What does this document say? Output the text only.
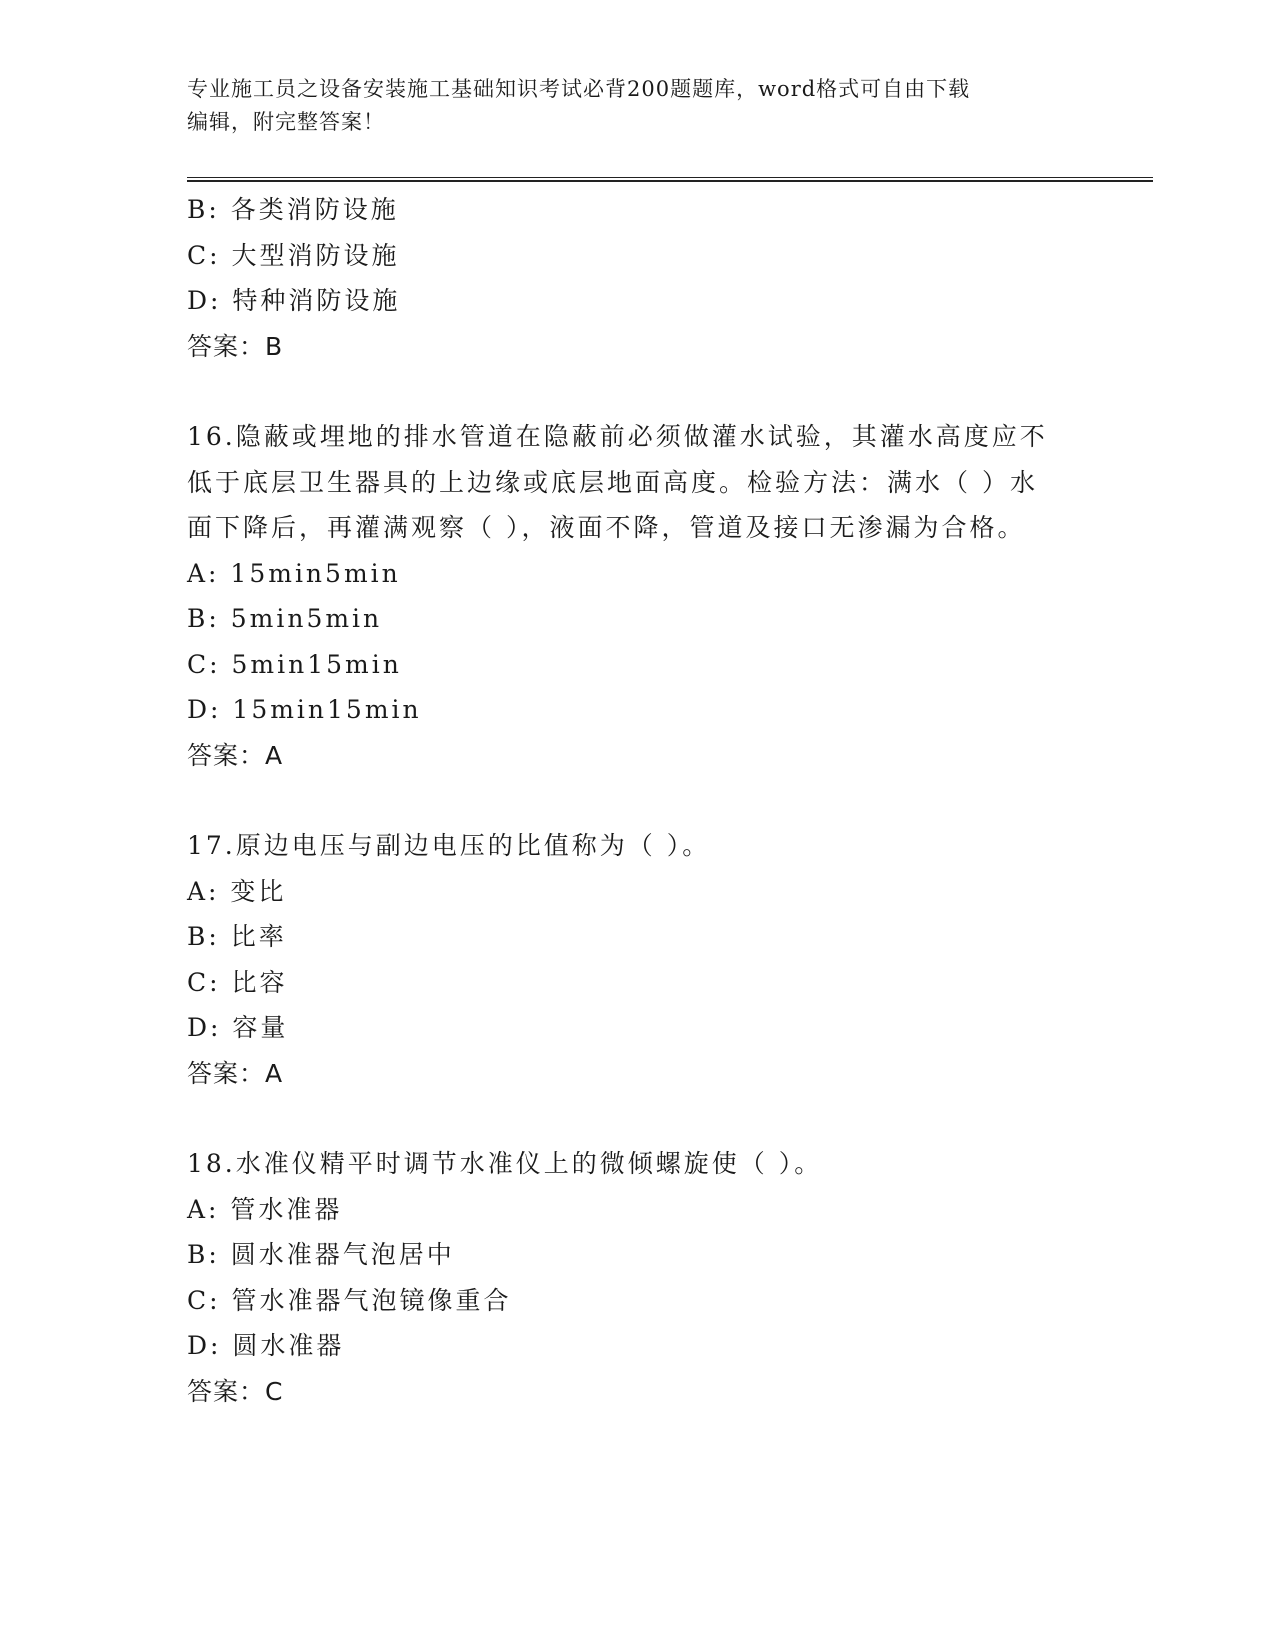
专业施工员之设备安装施工基础知识考试必背200题题库，word格式可自由下载
编辑，附完整答案！
B: 各类消防设施
C: 大型消防设施
D: 特种消防设施
答案：B
16.隐蔽或埋地的排水管道在隐蔽前必须做灌水试验，其灌水高度应不
低于底层卫生器具的上边缘或底层地面高度。检验方法：满水（ ）水
面下降后，再灌满观察（ ），液面不降，管道及接口无渗漏为合格。
A: 15min5min
B: 5min5min
C: 5min15min
D: 15min15min
答案：A
17.原边电压与副边电压的比值称为（ ）。
A: 变比
B: 比率
C: 比容
D: 容量
答案：A
18.水准仪精平时调节水准仪上的微倾螺旋使（ ）。
A: 管水准器
B: 圆水准器气泡居中
C: 管水准器气泡镜像重合
D: 圆水准器
答案：C
